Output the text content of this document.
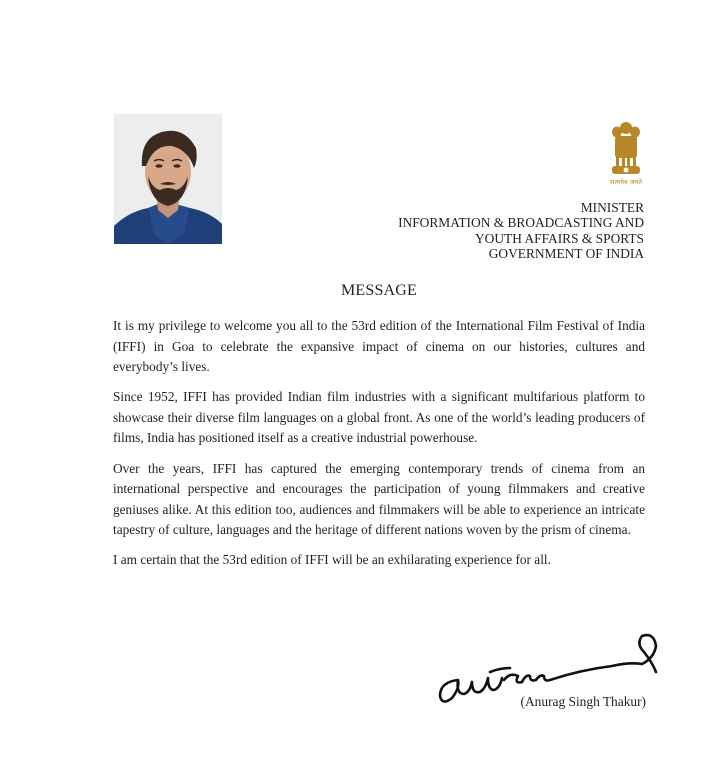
सत्यमेव जयते
MINISTER
INFORMATION & BROADCASTING AND
YOUTH AFFAIRS & SPORTS
GOVERNMENT OF INDIA
MESSAGE

It is my privilege to welcome you all to the 53rd edition of the International Film Festival of India (IFFI) in Goa to celebrate the expansive impact of cinema on our histories, cultures and everybody’s lives.

Since 1952, IFFI has provided Indian film industries with a significant multifarious platform to showcase their diverse film languages on a global front. As one of the world’s leading producers of films, India has positioned itself as a creative industrial powerhouse.

Over the years, IFFI has captured the emerging contemporary trends of cinema from an international perspective and encourages the participation of young filmmakers and creative geniuses alike. At this edition too, audiences and filmmakers will be able to experience an intricate tapestry of culture, languages and the heritage of different nations woven by the prism of cinema.

I am certain that the 53rd edition of IFFI will be an exhilarating experience for all.

(Anurag Singh Thakur)
